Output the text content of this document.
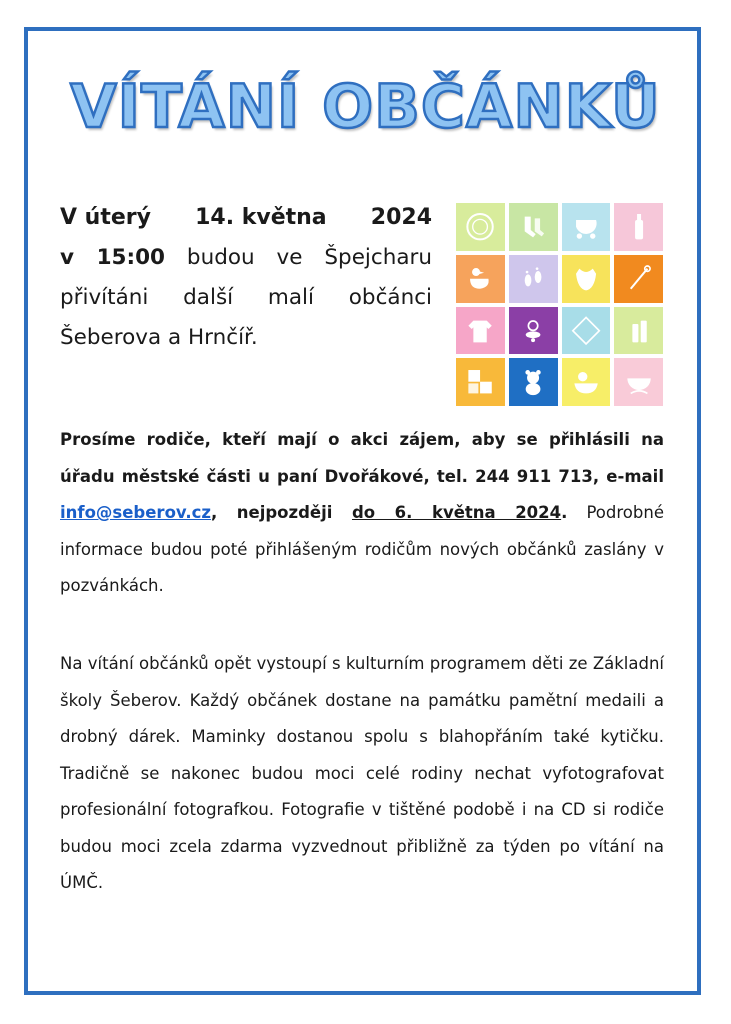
VÍTÁNÍ OBČÁNKŮ
V úterý 14. května 2024
v 15:00 budou ve Špejcharu přivítáni další malí občánci Šeberova a Hrnčíř.
Prosíme rodiče, kteří mají o akci zájem, aby se přihlásili na úřadu městské části u paní Dvořákové, tel. 244 911 713, e-mail info@seberov.cz, nejpozději do 6. května 2024. Podrobné informace budou poté přihlášeným rodičům nových občánků zaslány v pozvánkách.
Na vítání občánků opět vystoupí s kulturním programem děti ze Základní školy Šeberov. Každý občánek dostane na památku pamětní medaili a drobný dárek. Maminky dostanou spolu s blahopřáním také kytičku. Tradičně se nakonec budou moci celé rodiny nechat vyfotografovat profesionální fotografkou. Fotografie v tištěné podobě i na CD si rodiče budou moci zcela zdarma vyzvednout přibližně za týden po vítání na ÚMČ.
